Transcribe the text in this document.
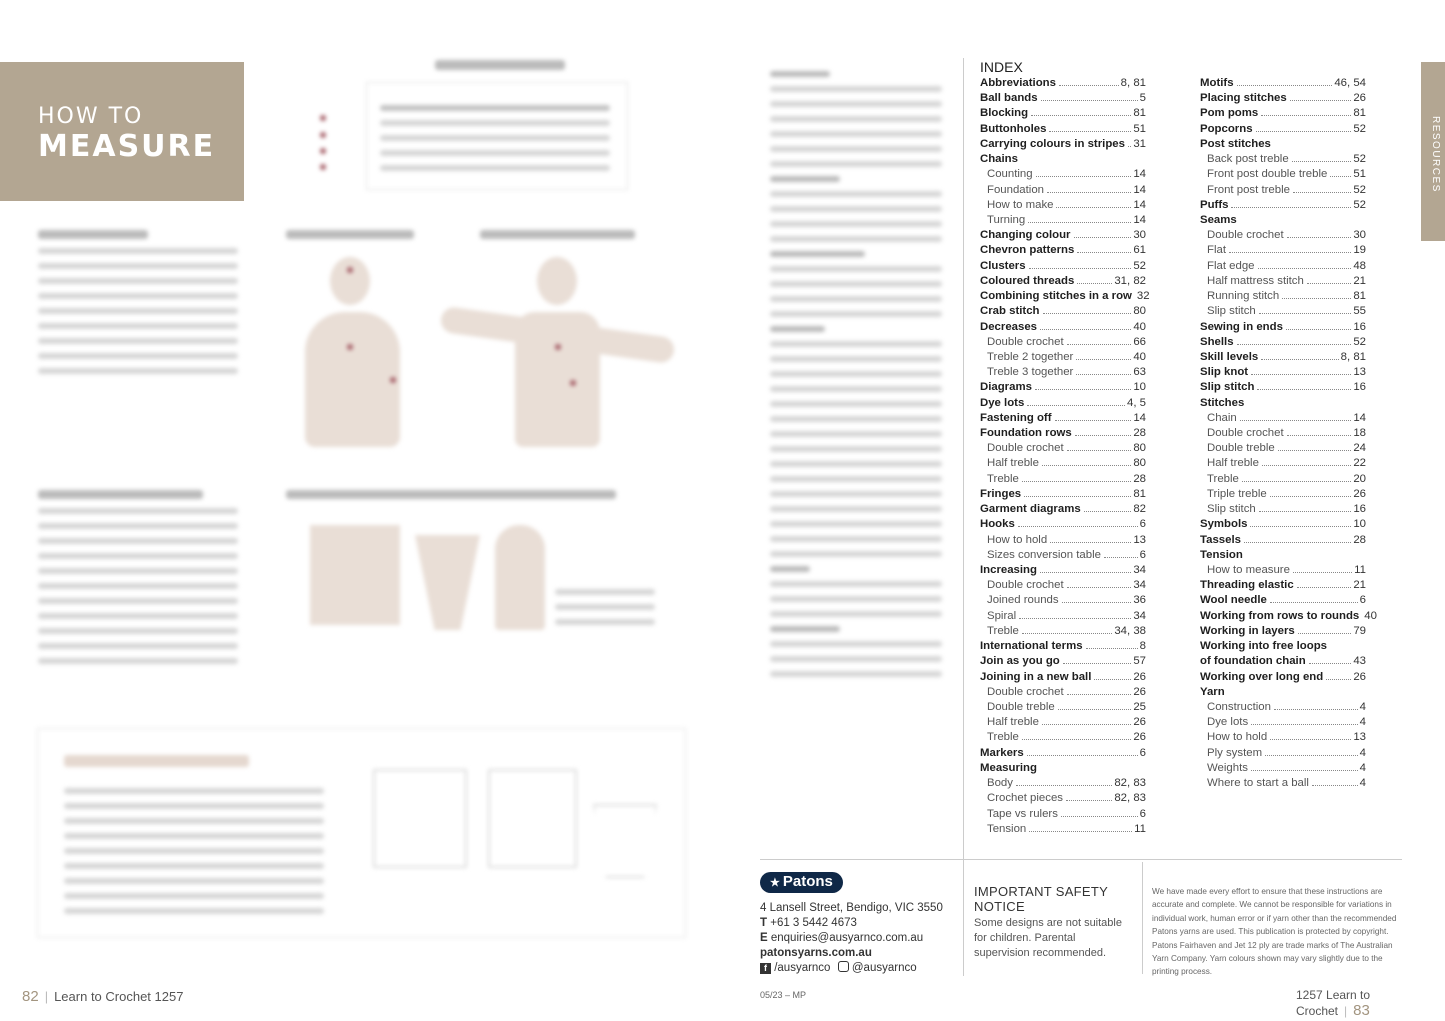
HOW TO
MEASURE
82 | Learn to Crochet 1257
INDEX
Abbreviations	8, 81
Ball bands	5
Blocking	81
Buttonholes	51
Carrying colours in stripes 31
Chains
Counting	14
Foundation	14
How to make	14
Turning	14
Changing colour	30
Chevron patterns	61
Clusters	52
Coloured threads	31, 82
Combining stitches in a row 32
Crab stitch	80
Decreases	40
Double crochet	66
Treble 2 together	40
Treble 3 together	63
Diagrams	10
Dye lots	4, 5
Fastening off	14
Foundation rows	28
Double crochet	80
Half treble	80
Treble	28
Fringes	81
Garment diagrams	82
Hooks	6
How to hold	13
Sizes conversion table	6
Increasing	34
Double crochet	34
Joined rounds	36
Spiral	34
Treble	34, 38
International terms	8
Join as you go	57
Joining in a new ball	26
Double crochet	26
Double treble	25
Half treble	26
Treble	26
Markers	6
Measuring
Body	82, 83
Crochet pieces	82, 83
Tape vs rulers	6
Tension	11
Motifs	46, 54
Placing stitches	26
Pom poms	81
Popcorns	52
Post stitches
Back post treble	52
Front post double treble 51
Front post treble	52
Puffs	52
Seams
Double crochet	30
Flat	19
Flat edge	48
Half mattress stitch	21
Running stitch	81
Slip stitch	55
Sewing in ends	16
Shells	52
Skill levels	8, 81
Slip knot	13
Slip stitch	16
Stitches
Chain	14
Double crochet	18
Double treble	24
Half treble	22
Treble	20
Triple treble	26
Slip stitch	16
Symbols	10
Tassels	28
Tension
How to measure	11
Threading elastic	21
Wool needle	6
Working from rows to rounds 40
Working in layers	79
Working into free loops
of foundation chain	43
Working over long end	26
Yarn
Construction	4
Dye lots	4
How to hold	13
Ply system	4
Weights	4
Where to start a ball	4
RESOURCES
★ Patons
4 Lansell Street, Bendigo, VIC 3550
T +61 3 5442 4673
E enquiries@ausyarnco.com.au
patonsyarns.com.au
f /ausyarnco @ausyarnco
IMPORTANT SAFETY NOTICE
Some designs are not suitable for children. Parental supervision recommended.
We have made every effort to ensure that these instructions are accurate and complete. We cannot be responsible for variations in individual work, human error or if yarn other than the recommended Patons yarns are used. This publication is protected by copyright. Patons Fairhaven and Jet 12 ply are trade marks of The Australian Yarn Company. Yarn colours shown may vary slightly due to the printing process.
05/23 – MP	1257 Learn to Crochet | 83
